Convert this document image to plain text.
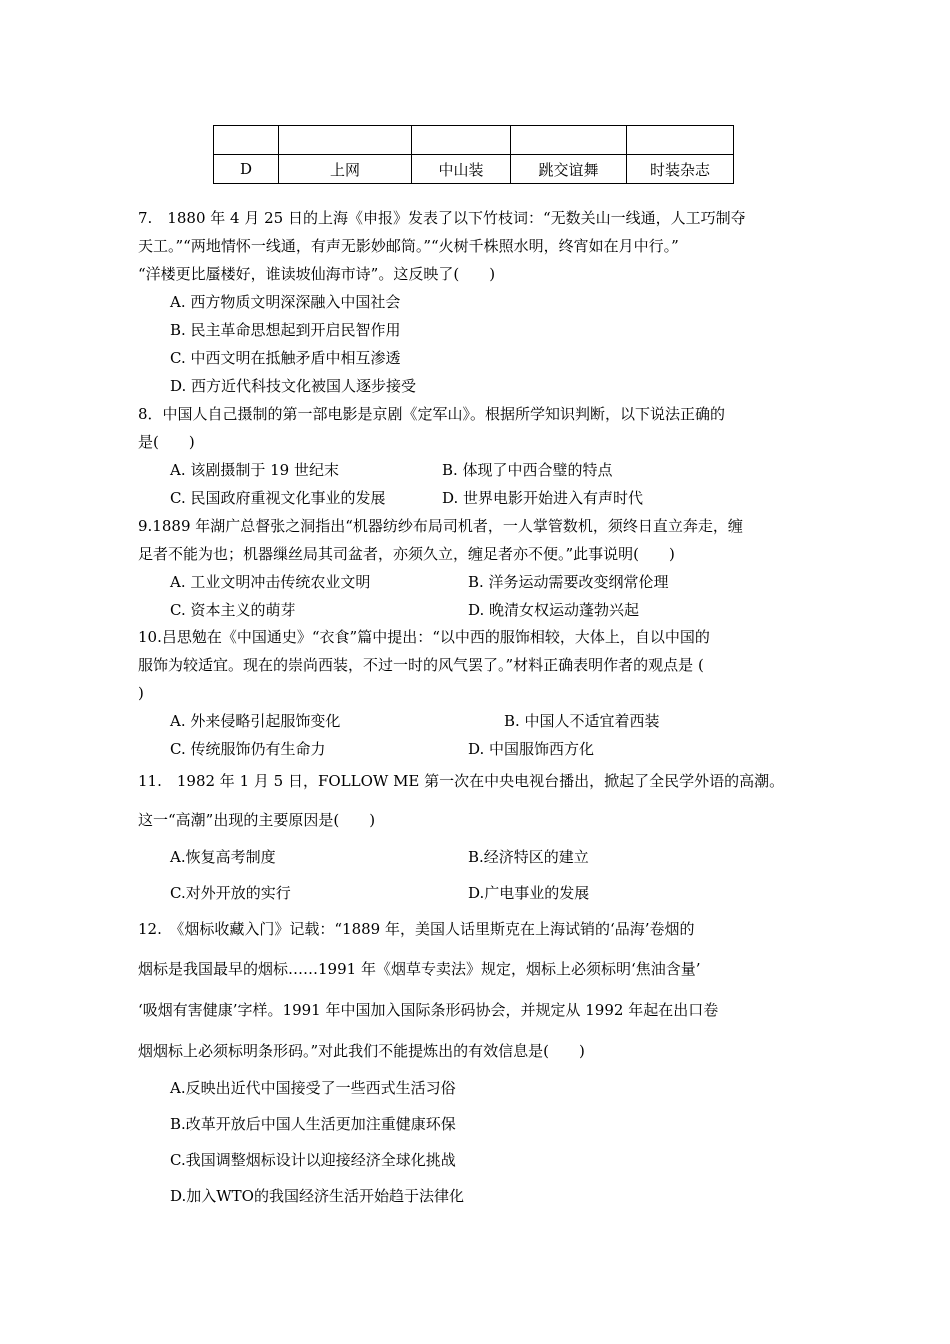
D	上网	中山装	跳交谊舞	时装杂志
7.　1880 年 4 月 25 日的上海《申报》发表了以下竹枝词：“无数关山一线通，人工巧制夺
天工。”“两地情怀一线通，有声无影妙邮筒。”“火树千株照水明，终宵如在月中行。”
“洋楼更比蜃楼好，谁读坡仙海市诗”。这反映了(　　)
A. 西方物质文明深深融入中国社会
B. 民主革命思想起到开启民智作用
C. 中西文明在抵触矛盾中相互渗透
D. 西方近代科技文化被国人逐步接受
8．中国人自己摄制的第一部电影是京剧《定军山》。根据所学知识判断，以下说法正确的
是(　　)
A. 该剧摄制于 19 世纪末	B. 体现了中西合璧的特点
C. 民国政府重视文化事业的发展	D. 世界电影开始进入有声时代
9.1889 年湖广总督张之洞指出“机器纺纱布局司机者，一人掌管数机，须终日直立奔走，缠
足者不能为也；机器缫丝局其司盆者，亦须久立，缠足者亦不便。”此事说明(　　)
A. 工业文明冲击传统农业文明	B. 洋务运动需要改变纲常伦理
C. 资本主义的萌芽	D. 晚清女权运动蓬勃兴起
10.吕思勉在《中国通史》“衣食”篇中提出：“以中西的服饰相较，大体上，自以中国的
服饰为较适宜。现在的崇尚西装，不过一时的风气罢了。”材料正确表明作者的观点是 (
)
A. 外来侵略引起服饰变化	B. 中国人不适宜着西装
C. 传统服饰仍有生命力	D. 中国服饰西方化
11.　1982 年 1 月 5 日，FOLLOW ME 第一次在中央电视台播出，掀起了全民学外语的高潮。
这一“高潮”出现的主要原因是(　　)
A.恢复高考制度	B.经济特区的建立
C.对外开放的实行	D.广电事业的发展
12.　《烟标收藏入门》记载：“1889 年，美国人话里斯克在上海试销的‘品海’卷烟的
烟标是我国最早的烟标……1991 年《烟草专卖法》规定，烟标上必须标明‘焦油含量’
‘吸烟有害健康’字样。1991 年中国加入国际条形码协会，并规定从 1992 年起在出口卷
烟烟标上必须标明条形码。”对此我们不能提炼出的有效信息是(　　)
A.反映出近代中国接受了一些西式生活习俗
B.改革开放后中国人生活更加注重健康环保
C.我国调整烟标设计以迎接经济全球化挑战
D.加入WTO的我国经济生活开始趋于法律化
